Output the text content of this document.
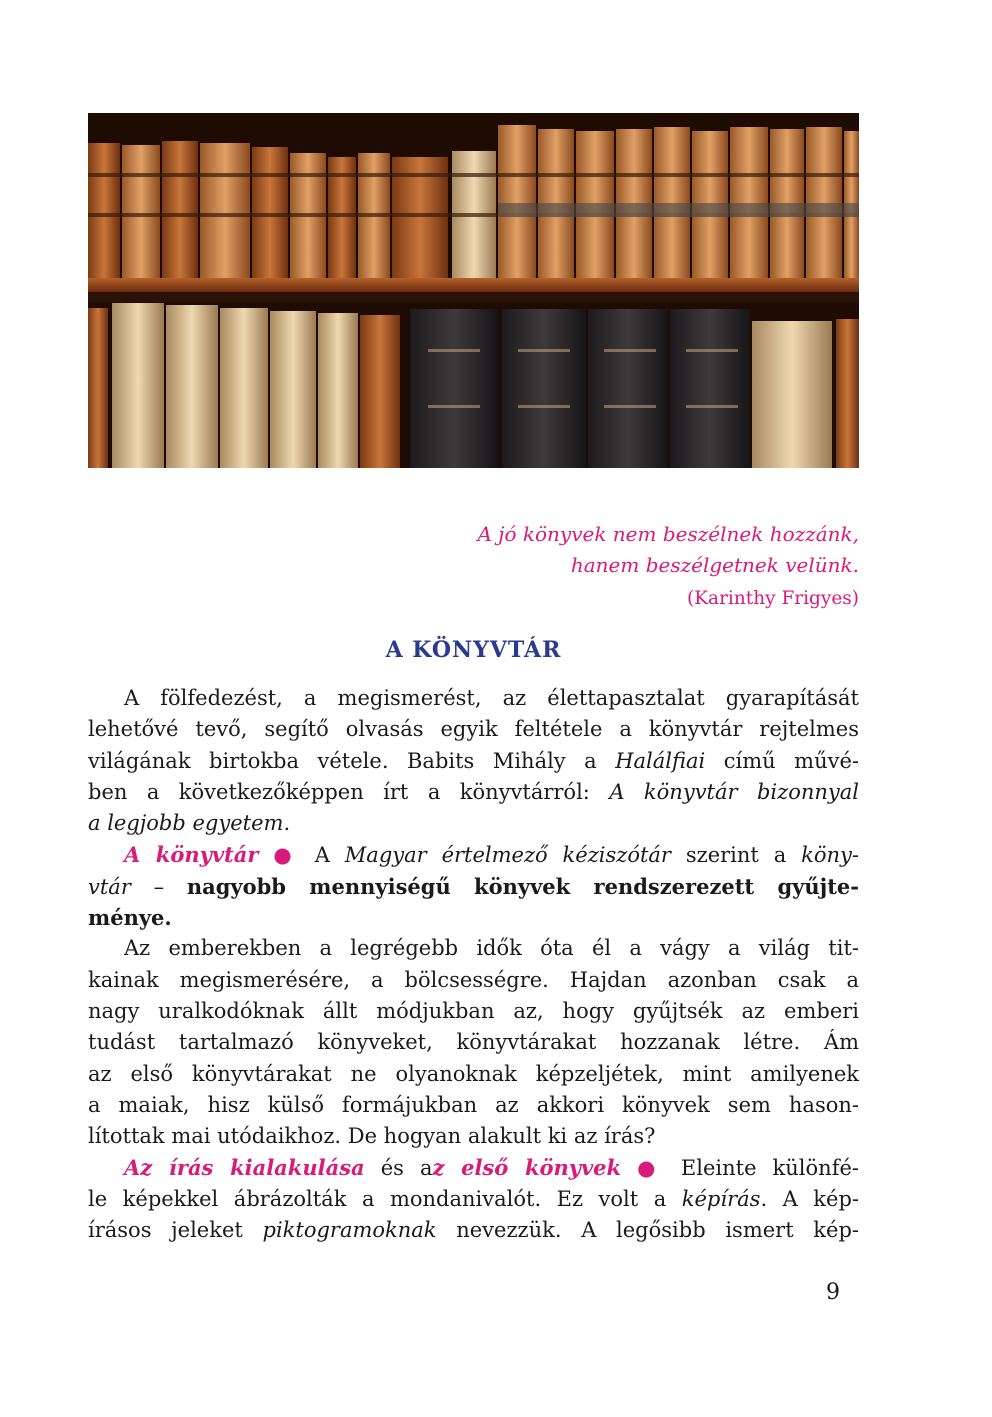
A jó könyvek nem beszélnek hozzánk,
hanem beszélgetnek velünk.
(Karinthy Frigyes)
A KÖNYVTÁR
A fölfedezést, a megismerést, az élettapasztalat gyarapítását
lehetővé tevő, segítő olvasás egyik feltétele a könyvtár rejtelmes
világának birtokba vétele. Babits Mihály a Halálfiai című művé-
ben a következőképpen írt a könyvtárról: A könyvtár bizonnyal
a legjobb egyetem.
A könyvtár ● A Magyar értelmező kéziszótár szerint a köny-
vtár – nagyobb mennyiségű könyvek rendszerezett gyűjte-
ménye.
Az emberekben a legrégebb idők óta él a vágy a világ tit-
kainak megismerésére, a bölcsességre. Hajdan azonban csak a
nagy uralkodóknak állt módjukban az, hogy gyűjtsék az emberi
tudást tartalmazó könyveket, könyvtárakat hozzanak létre. Ám
az első könyvtárakat ne olyanoknak képzeljétek, mint amilyenek
a maiak, hisz külső formájukban az akkori könyvek sem hason-
lítottak mai utódaikhoz. De hogyan alakult ki az írás?
Az írás kialakulása és az első könyvek ● Eleinte különfé-
le képekkel ábrázolták a mondanivalót. Ez volt a képírás. A kép-
írásos jeleket piktogramoknak nevezzük. A legősibb ismert kép-
9
